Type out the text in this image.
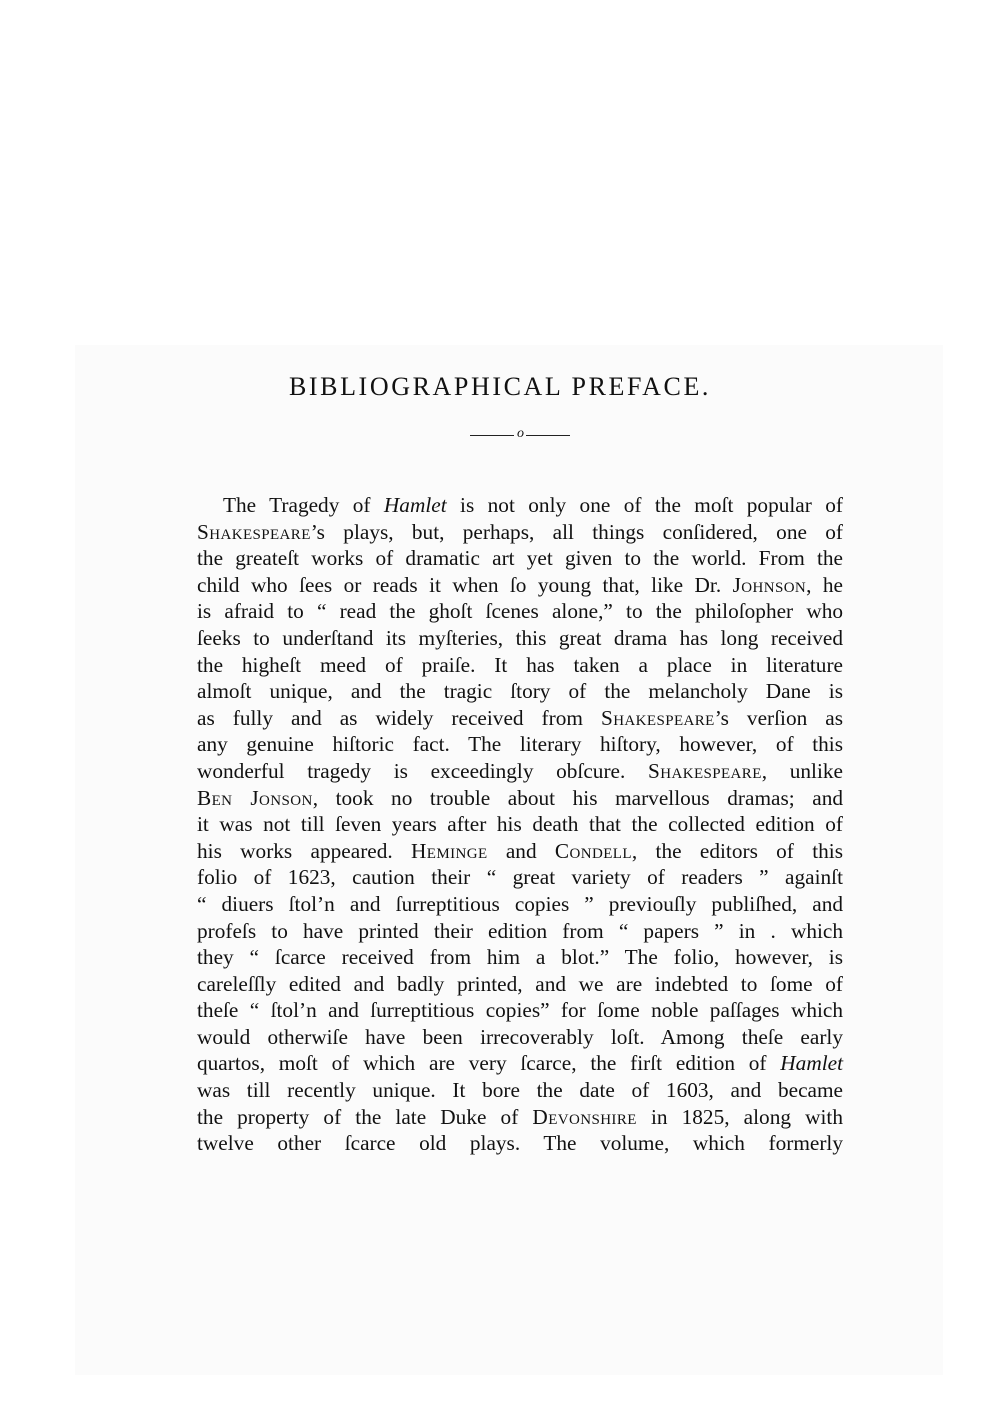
BIBLIOGRAPHICAL PREFACE.
o
The Tragedy of Hamlet is not only one of the moſt popular of
Shakespeare’s plays, but, perhaps, all things conſidered, one of
the greateſt works of dramatic art yet given to the world. From the
child who ſees or reads it when ſo young that, like Dr. Johnson, he
is afraid to “ read the ghoſt ſcenes alone,” to the philoſopher who
ſeeks to underſtand its myſteries, this great drama has long received
the higheſt meed of praiſe. It has taken a place in literature
almoſt unique, and the tragic ſtory of the melancholy Dane is
as fully and as widely received from Shakespeare’s verſion as
any genuine hiſtoric fact. The literary hiſtory, however, of this
wonderful tragedy is exceedingly obſcure. Shakespeare, unlike
Ben Jonson, took no trouble about his marvellous dramas; and
it was not till ſeven years after his death that the collected edition of
his works appeared. Heminge and Condell, the editors of this
folio of 1623, caution their “ great variety of readers ” againſt
“ diuers ſtol’n and ſurreptitious copies ” previouſly publiſhed, and
profeſs to have printed their edition from “ papers ” in . which
they “ ſcarce received from him a blot.” The folio, however, is
careleſſly edited and badly printed, and we are indebted to ſome of
theſe “ ſtol’n and ſurreptitious copies” for ſome noble paſſages which
would otherwiſe have been irrecoverably loſt. Among theſe early
quartos, moſt of which are very ſcarce, the firſt edition of Hamlet
was till recently unique. It bore the date of 1603, and became
the property of the late Duke of Devonshire in 1825, along with
twelve other ſcarce old plays. The volume, which formerly
